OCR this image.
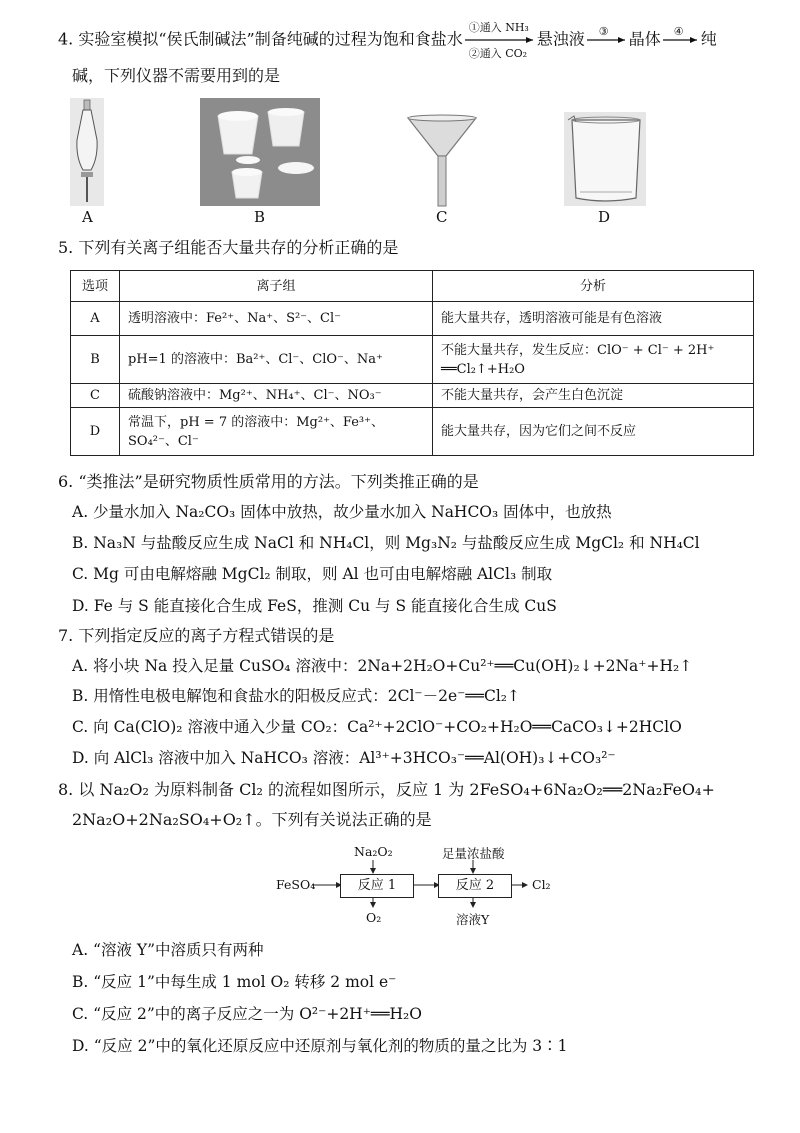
4. 实验室模拟“侯氏制碱法”制备纯碱的过程为饱和食盐水
①通入 NH₃
②通入 CO₂
悬浊液 ③ 晶体 ④ 纯
碱，下列仪器不需要用到的是
A	B	C	D
5. 下列有关离子组能否大量共存的分析正确的是
选项	离子组	分析
A	透明溶液中：Fe²⁺、Na⁺、S²⁻、Cl⁻	能大量共存，透明溶液可能是有色溶液
B	pH=1 的溶液中：Ba²⁺、Cl⁻、ClO⁻、Na⁺	不能大量共存，发生反应：ClO⁻ + Cl⁻ + 2H⁺ ══Cl₂↑+H₂O
C	硫酸钠溶液中：Mg²⁺、NH₄⁺、Cl⁻、NO₃⁻	不能大量共存，会产生白色沉淀
D	常温下，pH = 7 的溶液中：Mg²⁺、Fe³⁺、SO₄²⁻、Cl⁻	能大量共存，因为它们之间不反应
6. “类推法”是研究物质性质常用的方法。下列类推正确的是
A. 少量水加入 Na₂CO₃ 固体中放热，故少量水加入 NaHCO₃ 固体中，也放热
B. Na₃N 与盐酸反应生成 NaCl 和 NH₄Cl，则 Mg₃N₂ 与盐酸反应生成 MgCl₂ 和 NH₄Cl
C. Mg 可由电解熔融 MgCl₂ 制取，则 Al 也可由电解熔融 AlCl₃ 制取
D. Fe 与 S 能直接化合生成 FeS，推测 Cu 与 S 能直接化合生成 CuS
7. 下列指定反应的离子方程式错误的是
A. 将小块 Na 投入足量 CuSO₄ 溶液中：2Na+2H₂O+Cu²⁺══Cu(OH)₂↓+2Na⁺+H₂↑
B. 用惰性电极电解饱和食盐水的阳极反应式：2Cl⁻－2e⁻══Cl₂↑
C. 向 Ca(ClO)₂ 溶液中通入少量 CO₂：Ca²⁺+2ClO⁻+CO₂+H₂O══CaCO₃↓+2HClO
D. 向 AlCl₃ 溶液中加入 NaHCO₃ 溶液：Al³⁺+3HCO₃⁻══Al(OH)₃↓+CO₃²⁻
8. 以 Na₂O₂ 为原料制备 Cl₂ 的流程如图所示，反应 1 为 2FeSO₄+6Na₂O₂══2Na₂FeO₄+
2Na₂O+2Na₂SO₄+O₂↑。下列有关说法正确的是
FeSO₄
Na₂O₂
反应 1
O₂
足量浓盐酸
反应 2
溶液Y
Cl₂
A. “溶液 Y”中溶质只有两种
B. “反应 1”中每生成 1 mol O₂ 转移 2 mol e⁻
C. “反应 2”中的离子反应之一为 O²⁻+2H⁺══H₂O
D. “反应 2”中的氧化还原反应中还原剂与氧化剂的物质的量之比为 3∶1
